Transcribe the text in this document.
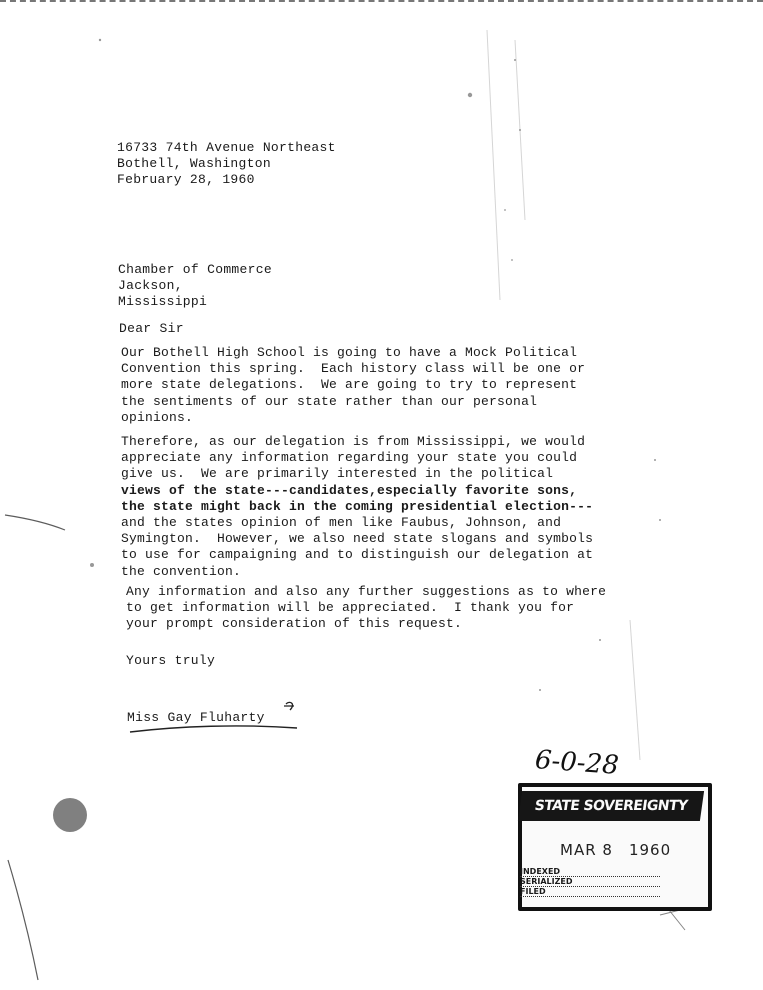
16733 74th Avenue Northeast
Bothell, Washington
February 28, 1960
Chamber of Commerce
Jackson,
Mississippi
Dear Sir
Our Bothell High School is going to have a Mock Political
Convention this spring.  Each history class will be one or
more state delegations.  We are going to try to represent
the sentiments of our state rather than our personal
opinions.
Therefore, as our delegation is from Mississippi, we would
appreciate any information regarding your state you could
give us.  We are primarily interested in the political
views of the state---candidates,especially favorite sons,
the state might back in the coming presidential election---
and the states opinion of men like Faubus, Johnson, and
Symington.  However, we also need state slogans and symbols
to use for campaigning and to distinguish our delegation at
the convention.
Any information and also any further suggestions as to where
to get information will be appreciated.  I thank you for
your prompt consideration of this request.
Yours truly
Miss Gay Fluharty
6-0-28
STATE SOVEREIGNTY COMMISSION
MAR 8 1960
INDEXED
SERIALIZED
FILED
